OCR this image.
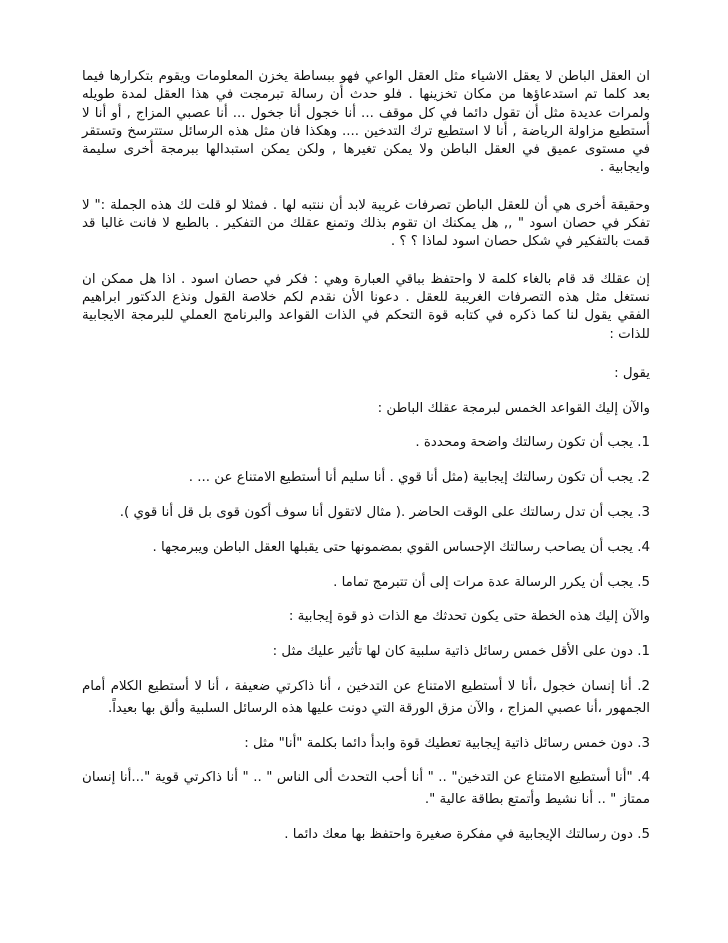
ان العقل الباطن لا يعقل الاشياء مثل العقل الواعي فهو ببساطة يخزن المعلومات ويقوم بتكرارها فيما بعد كلما تم استدعاؤها من مكان تخزينها . فلو حدث أن رسالة تبرمجت في هذا العقل لمدة طويله ولمرات عديدة مثل أن تقول دائما في كل موقف ... أنا خجول أنا جخول ... أنا عصبي المزاج , أو أنا لا أستطيع مزاولة الرياضة , أنا لا استطيع ترك التدخين .... وهكذا فان مثل هذه الرسائل ستترسخ وتستقر في مستوى عميق في العقل الباطن ولا يمكن تغيرها , ولكن يمكن استبدالها ببرمجة أخرى سليمة وايجابية .

وحقيقة أخرى هي أن للعقل الباطن تصرفات غريبة لابد أن ننتبه لها . فمثلا لو قلت لك هذه الجملة :" لا تفكر في حصان اسود " ,, هل يمكنك ان تقوم بذلك وتمنع عقلك من التفكير . بالطبع لا فانت غالبا قد قمت بالتفكير في شكل حصان اسود لماذا ؟ ؟ .

إن عقلك قد قام بالغاء كلمة لا واحتفظ بباقي العبارة وهي : فكر في حصان اسود . اذا هل ممكن ان نستغل مثل هذه التصرفات الغريبة للعقل . دعونا الأن نقدم لكم خلاصة القول ونذع الدكتور ابراهيم الفقي يقول لنا كما ذكره في كتابه قوة التحكم في الذات القواعد والبرنامج العملي للبرمجة الايجابية للذات :

يقول :

والآن إليك القواعد الخمس لبرمجة عقلك الباطن :

1. يجب أن تكون رسالتك واضحة ومحددة .

2. يجب أن تكون رسالتك إيجابية (مثل أنا قوي . أنا سليم أنا أستطيع الامتناع عن ... .

3. يجب أن تدل رسالتك على الوقت الحاضر .( مثال لاتقول أنا سوف أكون قوى بل قل أنا قوي ).

4. يجب أن يصاحب رسالتك الإحساس القوي بمضمونها حتى يقبلها العقل الباطن ويبرمجها .

5. يجب أن يكرر الرسالة عدة مرات إلى أن تتبرمج تماما .

والآن إليك هذه الخطة حتى يكون تحدثك مع الذات ذو قوة إيجابية :

1. دون على الأقل خمس رسائل ذاتية سلبية كان لها تأثير عليك مثل :

2. أنا إنسان خجول ،أنا لا أستطيع الامتناع عن التدخين ، أنا ذاكرتي ضعيفة ، أنا لا أستطيع الكلام أمام الجمهور ،أنا عصبي المزاج ، والآن مزق الورقة التي دونت عليها هذه الرسائل السلبية وألق بها بعيداً.

3. دون خمس رسائل ذاتية إيجابية تعطيك قوة وابدأ دائما بكلمة "أنا" مثل :

4. "أنا أستطيع الامتناع عن التدخين" .. " أنا أحب التحدث ألى الناس " .. " أنا ذاكرتي قوية "...أنا إنسان ممتاز " .. أنا نشيط وأتمتع بطاقة عالية ".

5. دون رسالتك الإيجابية في مفكرة صغيرة واحتفظ بها معك دائما .
